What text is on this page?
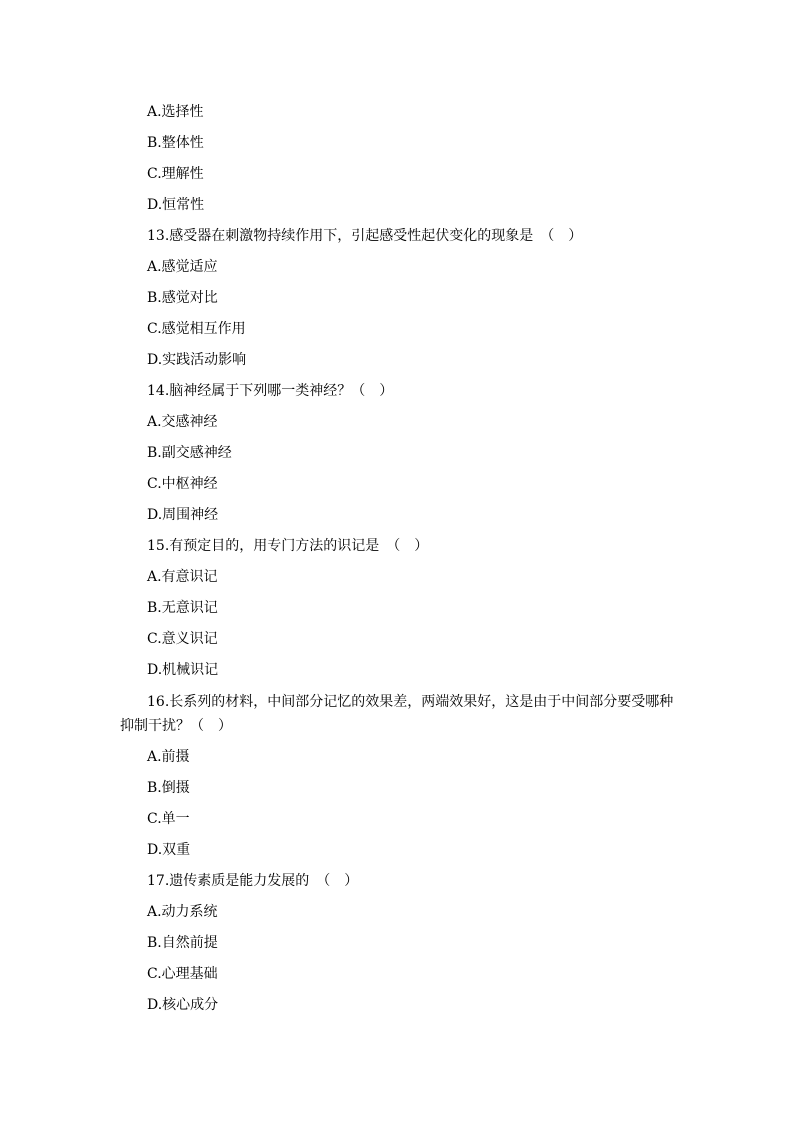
A.选择性
B.整体性
C.理解性
D.恒常性
13.感受器在刺激物持续作用下，引起感受性起伏变化的现象是　（　）
A.感觉适应
B.感觉对比
C.感觉相互作用
D.实践活动影响
14.脑神经属于下列哪一类神经？（　）
A.交感神经
B.副交感神经
C.中枢神经
D.周围神经
15.有预定目的，用专门方法的识记是　（　）
A.有意识记
B.无意识记
C.意义识记
D.机械识记
16.长系列的材料，中间部分记忆的效果差，两端效果好，这是由于中间部分要受哪种
抑制干扰？（　）
A.前摄
B.倒摄
C.单一
D.双重
17.遗传素质是能力发展的　（　）
A.动力系统
B.自然前提
C.心理基础
D.核心成分
